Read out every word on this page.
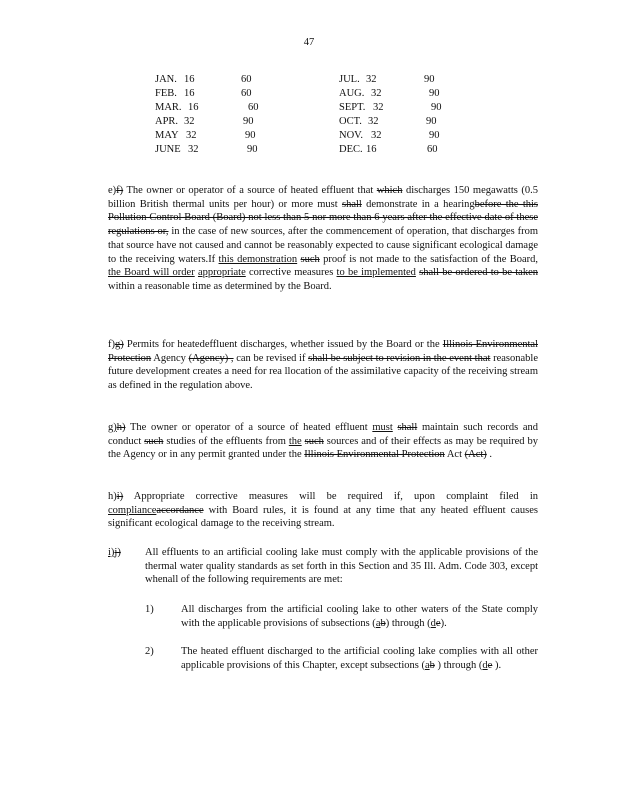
47
JAN. 16	60	JUL. 32	90
FEB. 16	60	AUG. 32	90
MAR. 16	60	SEPT. 32	90
APR. 32	90	OCT. 32	90
MAY 32	90	NOV. 32	90
JUNE 32	90	DEC. 16	60

e)f) The owner or operator of a source of heated effluent that which discharges 150 megawatts (0.5 billion British thermal units per hour) or more must shall demonstrate in a hearingbefore the this Pollution Control Board (Board) not less than 5 nor more than 6 years after the effective date of these regulations or, in the case of new sources, after the commencement of operation, that discharges from that source have not caused and cannot be reasonably expected to cause significant ecological damage to the receiving waters.If this demonstration such proof is not made to the satisfaction of the Board, the Board will order appropriate corrective measures to be implemented shall be ordered to be taken within a reasonable time as determined by the Board.

f)g) Permits for heatedeffluent discharges, whether issued by the Board or the Illinois Environmental Protection Agency (Agency) , can be revised if shall be subject to revision in the event that reasonable future development creates a need for rea llocation of the assimilative capacity of the receiving stream as defined in the regulation above.

g)h) The owner or operator of a source of heated effluent must shall maintain such records and conduct such studies of the effluents from the such sources and of their effects as may be required by the Agency or in any permit granted under the Illinois Environmental Protection Act (Act) .

h)i) Appropriate corrective measures will be required if, upon complaint filed in complianceaccordance with Board rules, it is found at any time that any heated effluent causes significant ecological damage to the receiving stream.

i)j) All effluents to an artificial cooling lake must comply with the applicable provisions of the thermal water quality standards as set forth in this Section and 35 Ill. Adm. Code 303, except whenall of the following requirements are met:

1)	All discharges from the artificial cooling lake to other waters of the State comply with the applicable provisions of subsections (ab) through (de).

2)	The heated effluent discharged to the artificial cooling lake complies with all other applicable provisions of this Chapter, except subsections (ab ) through (de ).
